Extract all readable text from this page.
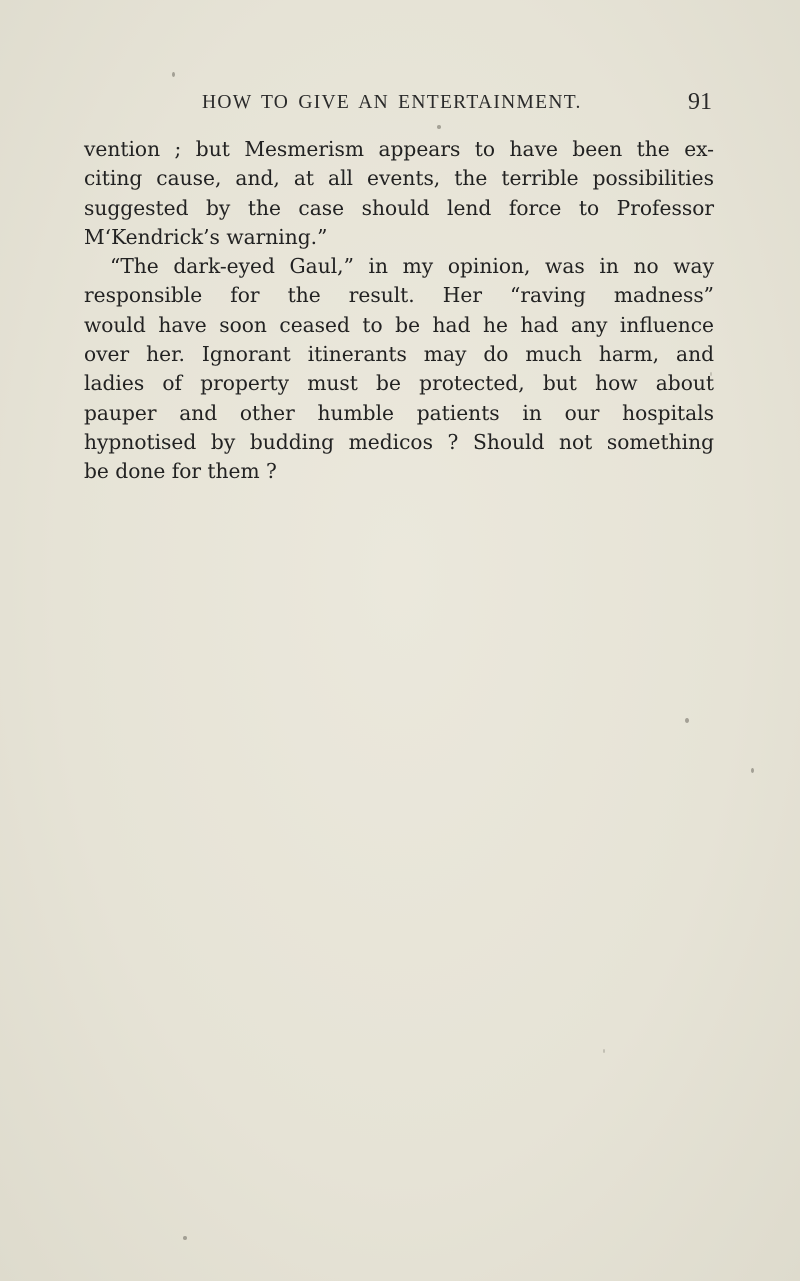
HOW TO GIVE AN ENTERTAINMENT.	91
vention ; but Mesmerism appears to have been the ex-
citing cause, and, at all events, the terrible possibilities
suggested by the case should lend force to Professor
M‘Kendrick’s warning.”
“The dark-eyed Gaul,” in my opinion, was in no way
responsible for the result. Her “raving madness”
would have soon ceased to be had he had any influence
over her. Ignorant itinerants may do much harm, and
ladies of property must be protected, but how about
pauper and other humble patients in our hospitals
hypnotised by budding medicos ? Should not something
be done for them ?
